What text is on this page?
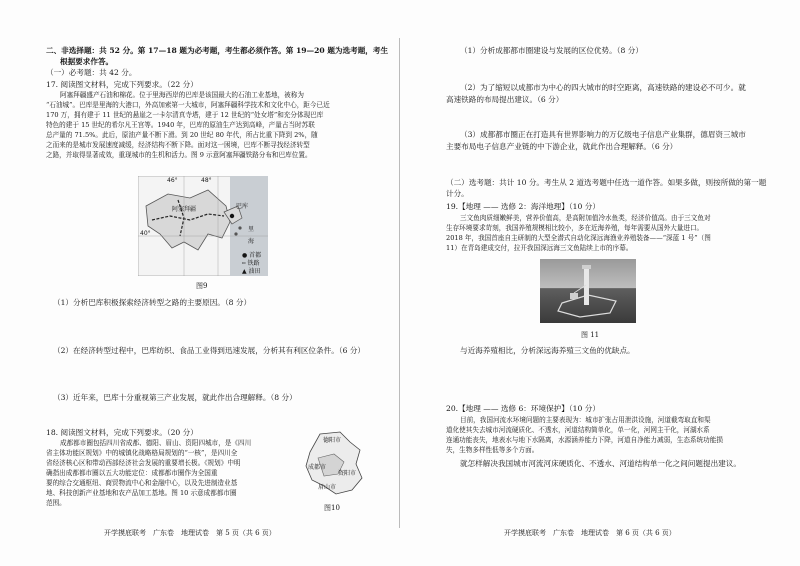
二、非选择题：共 52 分。第 17—18 题为必考题，考生都必须作答。第 19—20 题为选考题，考生
根据要求作答。
（一）必考题：共 42 分。
17. 阅读图文材料，完成下列要求。（22 分）
阿塞拜疆盛产石油和棉花。位于里海西岸的巴库是该国最大的石油工业基地，被称为
“石油城”。巴库是里海的大港口，外高加索第一大城市，阿塞拜疆科学技术和文化中心，距今已近
170 万，拥有建于 11 世纪的悬崖之一卡尔清真寺塔，建于 12 世纪的“处女塔”和充分体现巴库
特色的建于 15 世纪的希尔凡王宫等。1940 年，巴库的原油生产达到高峰，产量占当时苏联
总产量的 71.5%。此后，原油产量不断下滑。到 20 世纪 80 年代，所占比重下降到 2%，随
之而来的是城市发展速度减缓，经济结构不断下降。面对这一困境，巴库不断寻找经济转型
之路，并取得显著成效，重现城市的生机和活力。图 9 示意阿塞拜疆铁路分布和巴库位置。
46°	48°
40°
阿塞拜疆	巴库
里
海
● 首都
┅ 铁路
▲ 油田
图9
（1）分析巴库积极探索经济转型之路的主要原因。（8 分）
（2）在经济转型过程中，巴库纺织、食品工业得到迅速发展，分析其有利区位条件。（6 分）
（3）近年来，巴库十分重视第三产业发展，就此作出合理解释。（8 分）
18. 阅读图文材料，完成下列要求。（20 分）
成都都市圈包括四川省成都、德阳、眉山、资阳四城市，是《四川
省主体功能区规划》中的城镇化战略格局规划的“一核”，是四川全
省经济核心区和带动西部经济社会发展的重要增长极。《规划》中明
确指出成都都市圈以五大功能定位：成都都市圈作为全国重
要的综合交通枢纽、商贸物流中心和金融中心，以及先进制造业基
地、科技创新产业基地和农产品加工基地。图 10 示意成都都市圈
范围。
德阳市
成都市
资阳市
眉山市
图10
开学摸底联考　广东卷　地理试卷　第 5 页（共 6 页）
（1）分析成都都市圈建设与发展的区位优势。（8 分）
（2）为了缩短以成都市为中心的四大城市的时空距离，高速铁路的建设必不可少。就
高速铁路的布局提出建议。（6 分）
（3）成都都市圈正在打造具有世界影响力的万亿级电子信息产业集群，德眉资三城市
主要布局电子信息产业链的中下游企业，就此作出合理解释。（6 分）
（二）选考题：共计 10 分。考生从 2 道选考题中任选一道作答。如果多做，则按所做的第一题
计分。
19.【地理 —— 选修 2：海洋地理】（10 分）
三文鱼肉质细嫩鲜美，营养价值高，是高附加值冷水鱼类，经济价值高。由于三文鱼对
生存环境要求苛刻，我国养殖规模相比较小，多在近海养殖，每年需要从国外大量进口。
2018 年，我国首座自主研制的大型全潜式自动化深远海渔业养殖装备——“深蓝 1 号”（图
11）在青岛建成交付，拉开我国深远海三文鱼陆续上市的序幕。
图 11
与近海养殖相比，分析深远海养殖三文鱼的优缺点。
20.【地理 —— 选修 6：环境保护】（10 分）
目前，我国河流水环境问题的主要表现为：城市扩张占用泄洪设施，河道截弯取直和渠
道化使其失去城市河流硬质化、不透水，河道结构简单化，单一化，河网主干化，河湖水系
连通功能丧失，地表水与地下水隔离，水源涵养能力下降，河道自净能力减弱，生态系统功能损
失，生物多样性低等多个方面。
就怎样解决我国城市河流河床硬质化、不透水、河道结构单一化之间问题提出建议。
开学摸底联考　广东卷　地理试卷　第 6 页（共 6 页）
